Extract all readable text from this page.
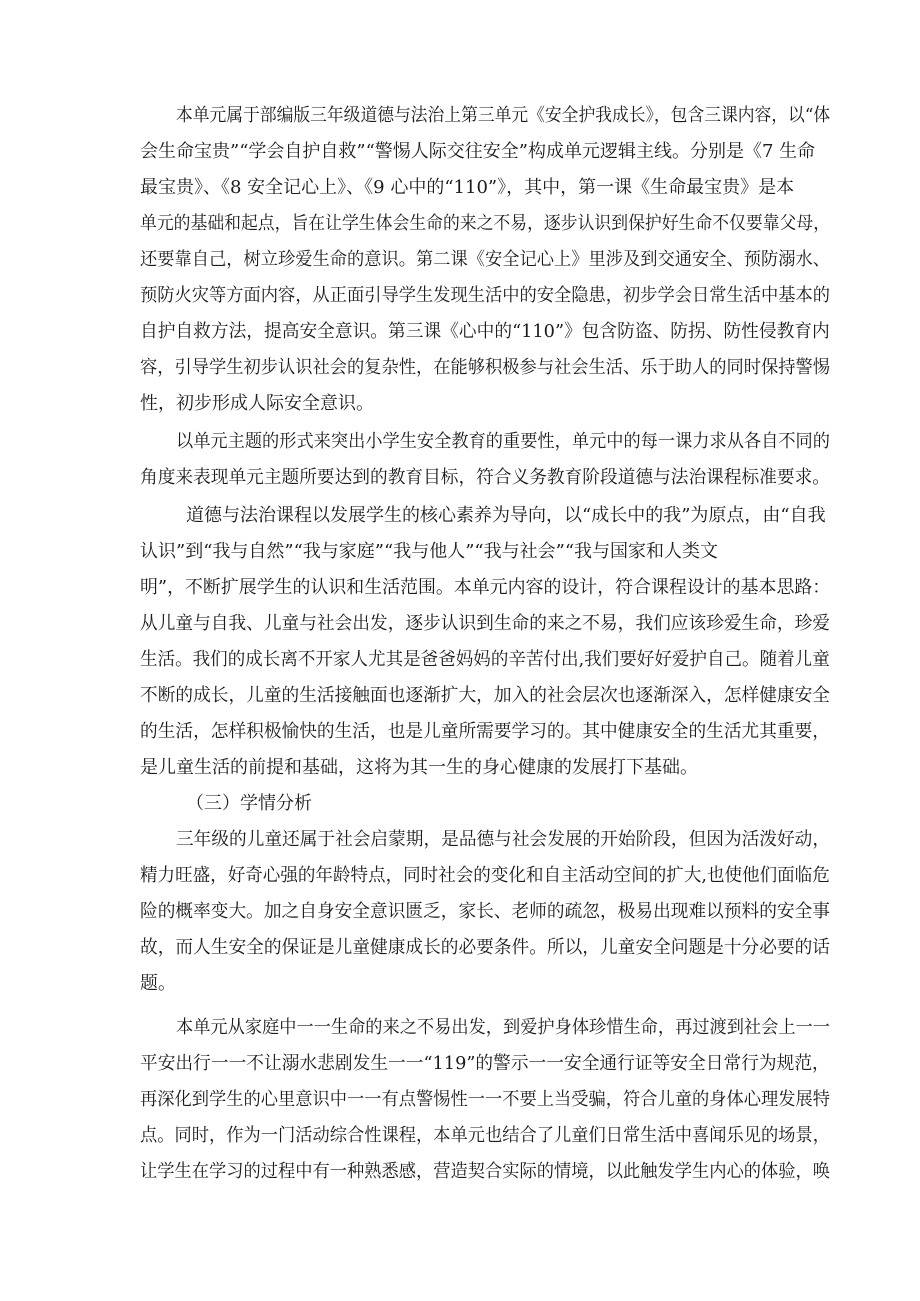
本单元属于部编版三年级道德与法治上第三单元《安全护我成长》，包含三课内容，以“体
会生命宝贵”“学会自护自救”“警惕人际交往安全”构成单元逻辑主线。分别是《7 生命
最宝贵》、《8 安全记心上》、《9 心中的“110”》，其中，第一课《生命最宝贵》是本
单元的基础和起点，旨在让学生体会生命的来之不易，逐步认识到保护好生命不仅要靠父母，
还要靠自己，树立珍爱生命的意识。第二课《安全记心上》里涉及到交通安全、预防溺水、
预防火灾等方面内容，从正面引导学生发现生活中的安全隐患，初步学会日常生活中基本的
自护自救方法，提高安全意识。第三课《心中的“110”》包含防盗、防拐、防性侵教育内
容，引导学生初步认识社会的复杂性，在能够积极参与社会生活、乐于助人的同时保持警惕
性，初步形成人际安全意识。
以单元主题的形式来突出小学生安全教育的重要性，单元中的每一课力求从各自不同的
角度来表现单元主题所要达到的教育目标，符合义务教育阶段道德与法治课程标准要求。
道德与法治课程以发展学生的核心素养为导向，以“成长中的我”为原点，由“自我
认识”到“我与自然”“我与家庭”“我与他人”“我与社会”“我与国家和人类文
明”，不断扩展学生的认识和生活范围。本单元内容的设计，符合课程设计的基本思路：
从儿童与自我、儿童与社会出发，逐步认识到生命的来之不易，我们应该珍爱生命，珍爱
生活。我们的成长离不开家人尤其是爸爸妈妈的辛苦付出,我们要好好爱护自己。随着儿童
不断的成长，儿童的生活接触面也逐渐扩大，加入的社会层次也逐渐深入，怎样健康安全
的生活，怎样积极愉快的生活，也是儿童所需要学习的。其中健康安全的生活尤其重要，
是儿童生活的前提和基础，这将为其一生的身心健康的发展打下基础。
（三）学情分析
三年级的儿童还属于社会启蒙期，是品德与社会发展的开始阶段，但因为活泼好动，
精力旺盛，好奇心强的年龄特点，同时社会的变化和自主活动空间的扩大,也使他们面临危
险的概率变大。加之自身安全意识匮乏，家长、老师的疏忽，极易出现难以预料的安全事
故，而人生安全的保证是儿童健康成长的必要条件。所以，儿童安全问题是十分必要的话
题。
本单元从家庭中一一生命的来之不易出发，到爱护身体珍惜生命，再过渡到社会上一一
平安出行一一不让溺水悲剧发生一一“119”的警示一一安全通行证等安全日常行为规范，
再深化到学生的心里意识中一一有点警惕性一一不要上当受骗，符合儿童的身体心理发展特
点。同时，作为一门活动综合性课程，本单元也结合了儿童们日常生活中喜闻乐见的场景，
让学生在学习的过程中有一种熟悉感，营造契合实际的情境，以此触发学生内心的体验，唤
